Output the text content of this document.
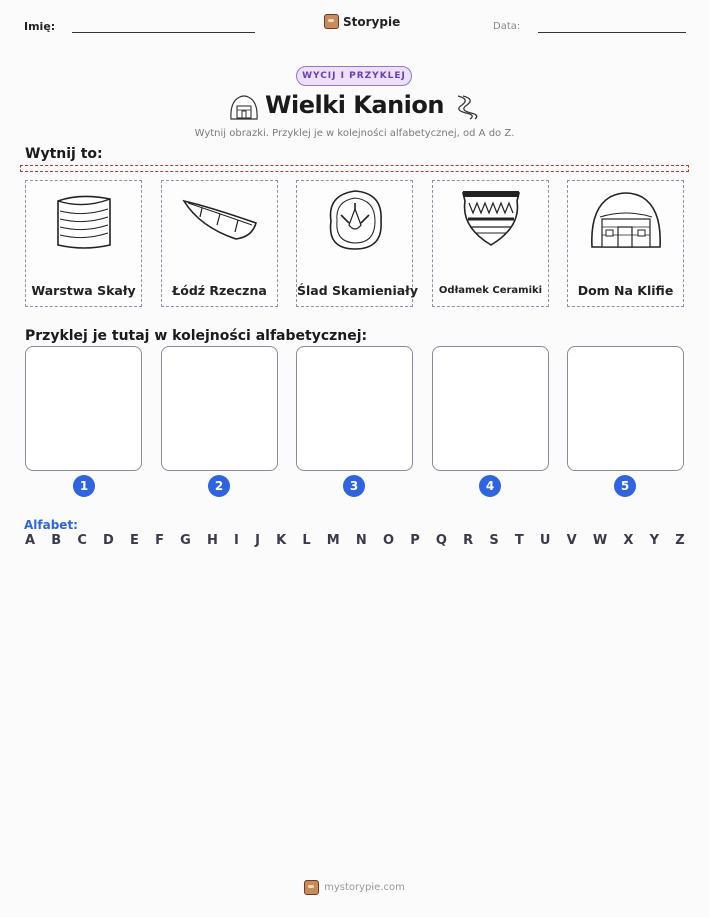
Imię:	Storypie	Data:
WYCIJ I PRZYKLEJ
Wielki Kanion
Wytnij obrazki. Przyklej je w kolejności alfabetycznej, od A do Z.
Wytnij to:
Warstwa Skały	Łódź Rzeczna	Ślad Skamieniały	Odłamek Ceramiki	Dom Na Klifie
Przyklej je tutaj w kolejności alfabetycznej:
1	2	3	4	5
Alfabet:
A B C D E F G H I J K L M N O P Q R S T U V W X Y Z
mystorypie.com
